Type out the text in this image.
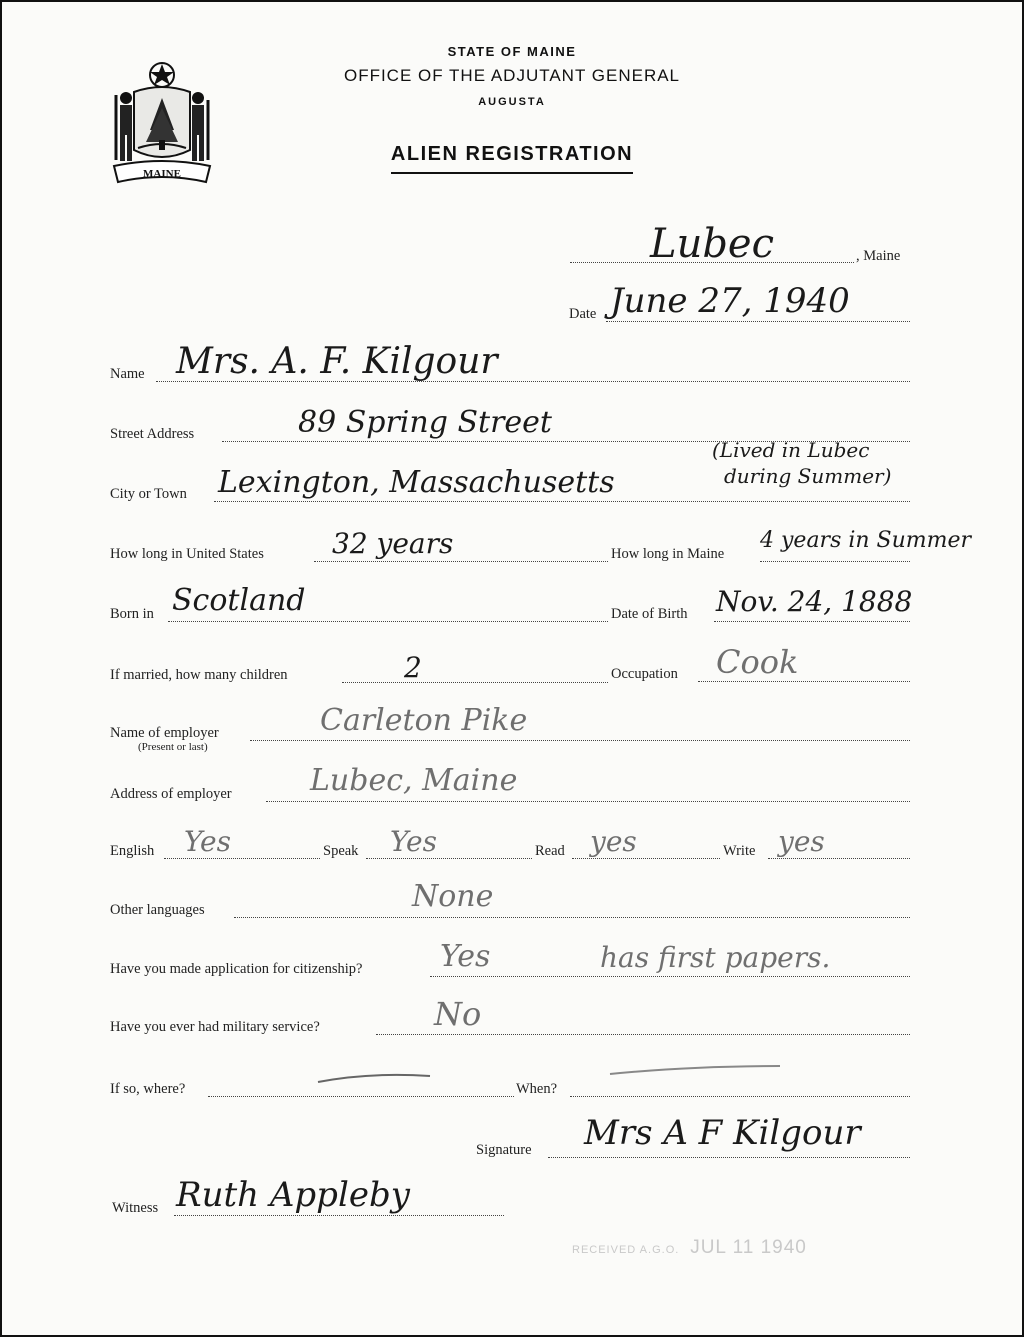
MAINE
STATE OF MAINE
OFFICE OF THE ADJUTANT GENERAL
AUGUSTA
ALIEN REGISTRATION
, Maine
Lubec
Date June 27, 1940
Name Mrs. A. F. Kilgour
Street Address	89 Spring Street
City or Town Lexington, Massachusetts
(Lived in Lubec
during Summer)
How long in United States 32 years	How long in Maine
4 years in Summer
Born in Scotland	Date of Birth Nov. 24, 1888
If married, how many children	2	Occupation Cook
Name of employer
(Present or last)
Carleton Pike
Address of employer	Lubec, Maine
English Yes	Speak Yes	Read yes	Write yes
Other languages	None
Have you made application for citizenship?	Yes	has first papers.
Have you ever had military service?	No
If so, where?	When?
Signature Mrs A F Kilgour
Witness Ruth Appleby
RECEIVED A.G.O. JUL 11 1940
